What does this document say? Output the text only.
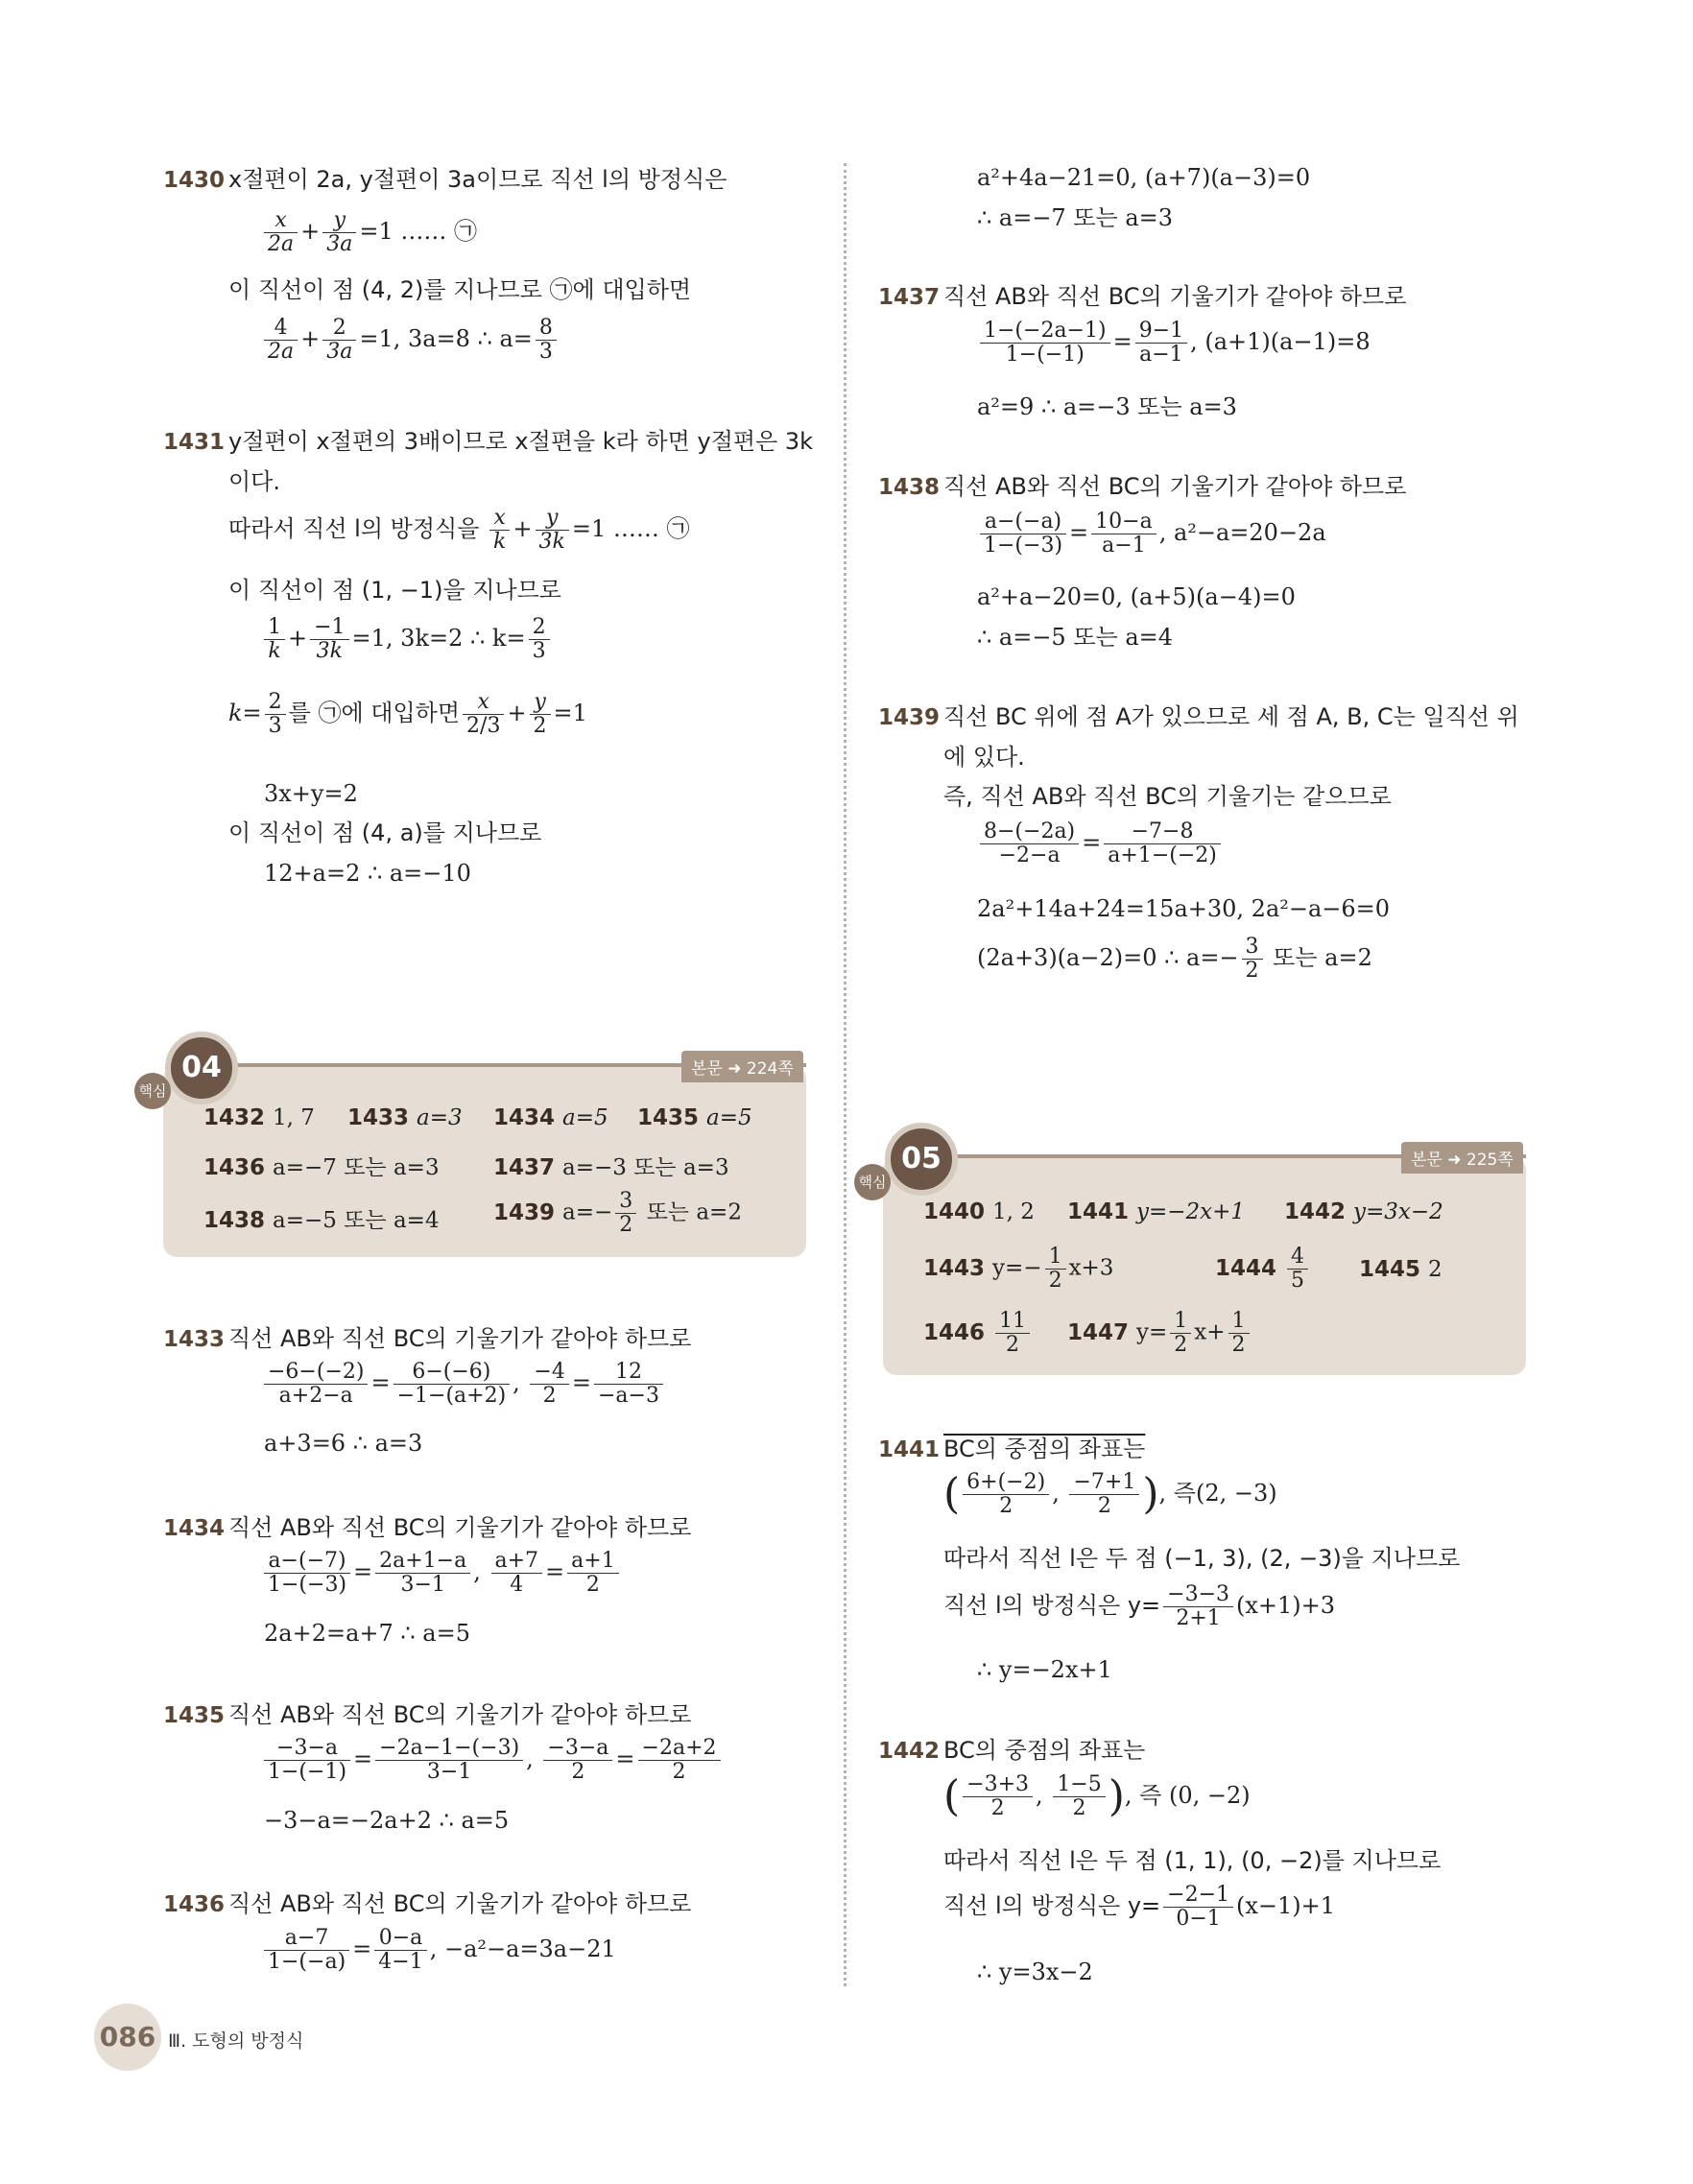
1430 x절편이 2a, y절편이 3a이므로 직선 l의 방정식은
$\frac{x}{2a} + \frac{y}{3a} =1$ …… ㉠
이 직선이 점 (4, 2)를 지나므로 ㉠에 대입하면
$\frac{4}{2a} + \frac{2}{3a} =1$, 3a=8 ∴ $a= \frac{8}{3}$
1431 y절편이 x절편의 3배이므로 x절편을 k라 하면 y절편은 3k
이다.
따라서 직선 l의 방정식을 $\frac{x}{k} + \frac{y}{3k} =1$ …… ㉠
이 직선이 점 (1, −1)을 지나므로
$\frac{1}{k} + \frac{-1}{3k} =1$, 3k=2 ∴ $k= \frac{2}{3}$
$k= \frac{2}{3}$ 를 ㉠에 대입하면 $\frac{x}{2/3} + \frac{y}{2} =1$
3x+y=2
이 직선이 점 (4, a)를 지나므로
12+a=2 ∴ a=−10
04
핵심
본문 ➜ 224쪽
1432 1, 7 1433 a=3 1434 a=5 1435 a=5
1436 a=−7 또는 a=3 1437 a=−3 또는 a=3
1438 a=−5 또는 a=4 1439 $a=- \frac{3}{2}$ 또는 a=2
1433 직선 AB와 직선 BC의 기울기가 같아야 하므로
$\frac{-6-(-2)}{a+2-a} = \frac{6-(-6)}{-1-(a+2)}$ , $\frac{-4}{2} = \frac{12}{-a-3}$
a+3=6 ∴ a=3
1434 직선 AB와 직선 BC의 기울기가 같아야 하므로
$\frac{a-(-7)}{1-(-3)} = \frac{2a+1-a}{3-1}$ , $\frac{a+7}{4} = \frac{a+1}{2}$
2a+2=a+7 ∴ a=5
1435 직선 AB와 직선 BC의 기울기가 같아야 하므로
$\frac{-3-a}{1-(-1)} = \frac{-2a-1-(-3)}{3-1}$ , $\frac{-3-a}{2} = \frac{-2a+2}{2}$
−3−a=−2a+2 ∴ a=5
1436 직선 AB와 직선 BC의 기울기가 같아야 하므로
$\frac{a-7}{1-(-a)} = \frac{0-a}{4-1}$ , −a²−a=3a−21
a²+4a−21=0, (a+7)(a−3)=0
∴ a=−7 또는 a=3
1437 직선 AB와 직선 BC의 기울기가 같아야 하므로
$\frac{1-(-2a-1)}{1-(-1)} = \frac{9-1}{a-1}$ , (a+1)(a−1)=8
a²=9 ∴ a=−3 또는 a=3
1438 직선 AB와 직선 BC의 기울기가 같아야 하므로
$\frac{a-(-a)}{1-(-3)} = \frac{10-a}{a-1}$ , a²−a=20−2a
a²+a−20=0, (a+5)(a−4)=0
∴ a=−5 또는 a=4
1439 직선 BC 위에 점 A가 있으므로 세 점 A, B, C는 일직선 위
에 있다.
즉, 직선 AB와 직선 BC의 기울기는 같으므로
$\frac{8-(-2a)}{-2-a} = \frac{-7-8}{a+1-(-2)}$
2a²+14a+24=15a+30, 2a²−a−6=0
(2a+3)(a−2)=0 ∴ $a=- \frac{3}{2}$ 또는 a=2
05
핵심
본문 ➜ 225쪽
1440 1, 2 1441 y=−2x+1 1442 y=3x−2
1443 $y=- \frac{1}{2} x+3$	$1444 \frac{4}{5} 1445$ 2
$1446 \frac{11}{2} 1447$ $y= \frac{1}{2} x+ \frac{1}{2}$
1441 BC의 중점의 좌표는
( $\frac{6+(-2)}{2}$ , $\frac{-7+1}{2}$ ), 즉(2, −3)
따라서 직선 l은 두 점 (−1, 3), (2, −3)을 지나므로
직선 l의 방정식은 $y= \frac{-3-3}{2+1} (x+1)+3$
∴ y=−2x+1
1442 BC의 중점의 좌표는
( $\frac{-3+3}{2}$ , $\frac{1-5}{2}$ ), 즉 (0, −2)
따라서 직선 l은 두 점 (1, 1), (0, −2)를 지나므로
직선 l의 방정식은 $y= \frac{-2-1}{0-1} (x-1)+1$
∴ y=3x−2
086 Ⅲ. 도형의 방정식
